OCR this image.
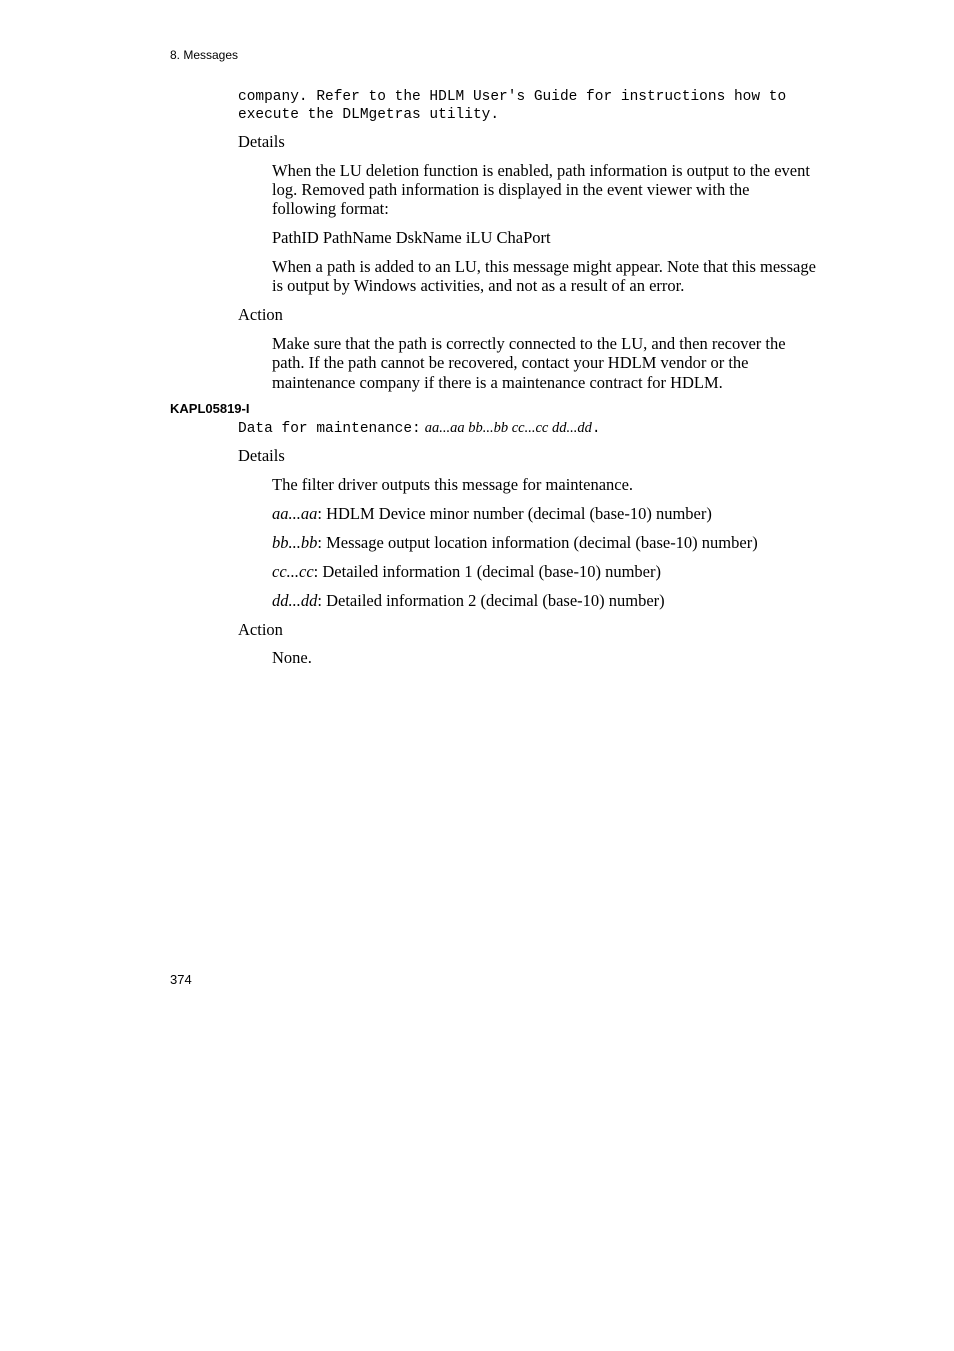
8. Messages
company. Refer to the HDLM User's Guide for instructions how to
execute the DLMgetras utility.
Details
When the LU deletion function is enabled, path information is output to the event
log. Removed path information is displayed in the event viewer with the
following format:
PathID PathName DskName iLU ChaPort
When a path is added to an LU, this message might appear. Note that this message
is output by Windows activities, and not as a result of an error.
Action
Make sure that the path is correctly connected to the LU, and then recover the
path. If the path cannot be recovered, contact your HDLM vendor or the
maintenance company if there is a maintenance contract for HDLM.
KAPL05819-I
Data for maintenance: aa...aa bb...bb cc...cc dd...dd.
Details
The filter driver outputs this message for maintenance.
aa...aa: HDLM Device minor number (decimal (base-10) number)
bb...bb: Message output location information (decimal (base-10) number)
cc...cc: Detailed information 1 (decimal (base-10) number)
dd...dd: Detailed information 2 (decimal (base-10) number)
Action
None.
374
